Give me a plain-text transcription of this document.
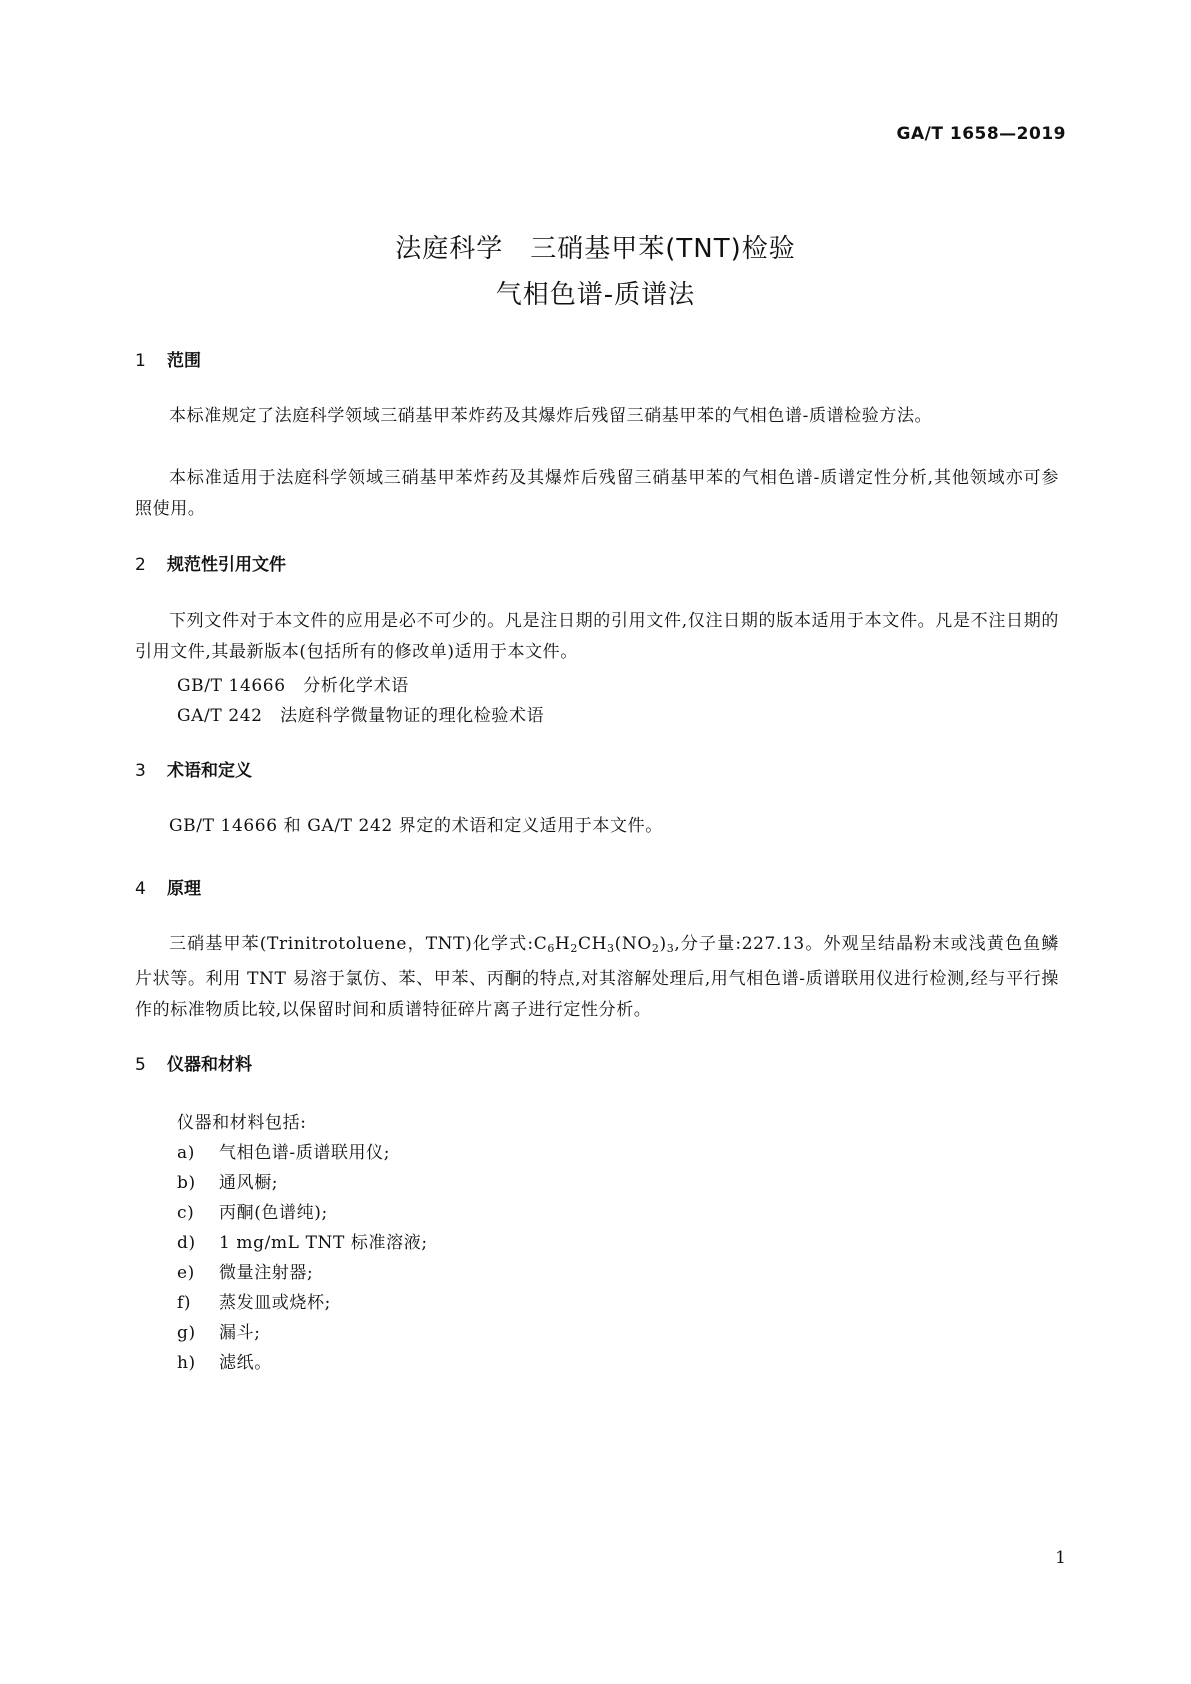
GA/T 1658—2019
法庭科学　三硝基甲苯(TNT)检验
气相色谱-质谱法
1 范围
本标准规定了法庭科学领域三硝基甲苯炸药及其爆炸后残留三硝基甲苯的气相色谱-质谱检验方法。
本标准适用于法庭科学领域三硝基甲苯炸药及其爆炸后残留三硝基甲苯的气相色谱-质谱定性分析,其他领域亦可参照使用。
2 规范性引用文件
下列文件对于本文件的应用是必不可少的。凡是注日期的引用文件,仅注日期的版本适用于本文件。凡是不注日期的引用文件,其最新版本(包括所有的修改单)适用于本文件。
GB/T 14666　分析化学术语
GA/T 242　法庭科学微量物证的理化检验术语
3 术语和定义
GB/T 14666 和 GA/T 242 界定的术语和定义适用于本文件。
4 原理
三硝基甲苯(Trinitrotoluene，TNT)化学式$:C_6H_2CH_3(NO_2)_3$,分子量:227.13。外观呈结晶粉末或浅黄色鱼鳞片状等。利用 TNT 易溶于氯仿、苯、甲苯、丙酮的特点,对其溶解处理后,用气相色谱-质谱联用仪进行检测,经与平行操作的标准物质比较,以保留时间和质谱特征碎片离子进行定性分析。
5 仪器和材料
仪器和材料包括:
a) 气相色谱-质谱联用仪;
b) 通风橱;
c) 丙酮(色谱纯);
d) 1 mg/mL TNT 标准溶液;
e) 微量注射器;
f) 蒸发皿或烧杯;
g) 漏斗;
h) 滤纸。
1
